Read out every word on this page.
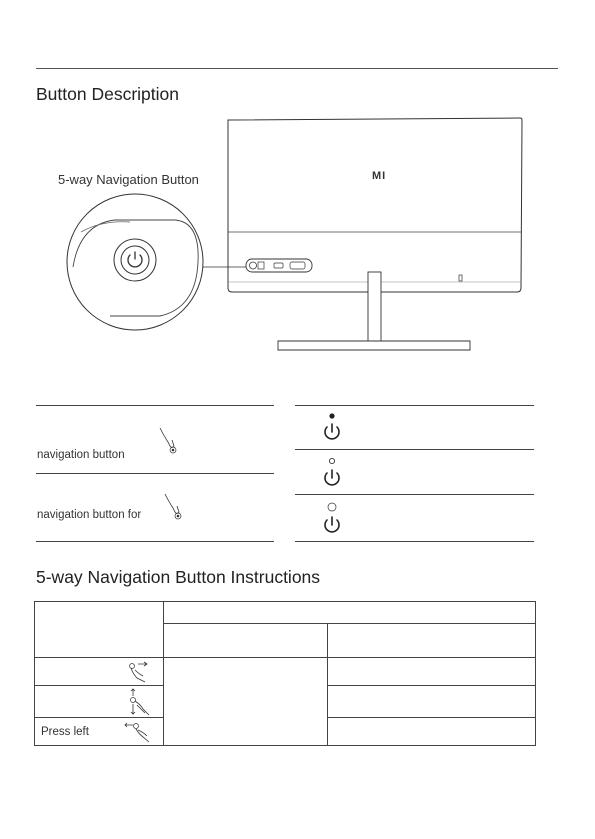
Button Description
MI
5-way Navigation Button
navigation button
navigation button for
5-way Navigation Button Instructions

Press left	
